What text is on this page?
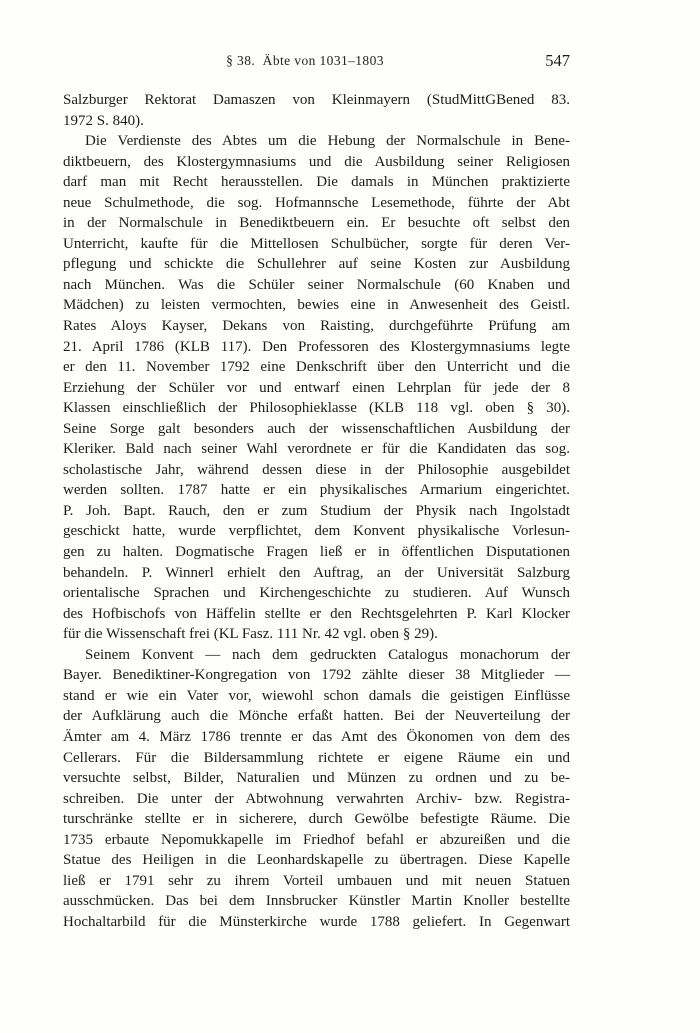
§ 38.  Äbte von 1031–1803	547
Salzburger Rektorat Damaszen von Kleinmayern (StudMittGBened 83.
1972 S. 840).
Die Verdienste des Abtes um die Hebung der Normalschule in Bene-
diktbeuern, des Klostergymnasiums und die Ausbildung seiner Religiosen
darf man mit Recht herausstellen. Die damals in München praktizierte
neue Schulmethode, die sog. Hofmannsche Lesemethode, führte der Abt
in der Normalschule in Benediktbeuern ein. Er besuchte oft selbst den
Unterricht, kaufte für die Mittellosen Schulbücher, sorgte für deren Ver-
pflegung und schickte die Schullehrer auf seine Kosten zur Ausbildung
nach München. Was die Schüler seiner Normalschule (60 Knaben und
Mädchen) zu leisten vermochten, bewies eine in Anwesenheit des Geistl.
Rates Aloys Kayser, Dekans von Raisting, durchgeführte Prüfung am
21. April 1786 (KLB 117). Den Professoren des Klostergymnasiums legte
er den 11. November 1792 eine Denkschrift über den Unterricht und die
Erziehung der Schüler vor und entwarf einen Lehrplan für jede der 8
Klassen einschließlich der Philosophieklasse (KLB 118 vgl. oben § 30).
Seine Sorge galt besonders auch der wissenschaftlichen Ausbildung der
Kleriker. Bald nach seiner Wahl verordnete er für die Kandidaten das sog.
scholastische Jahr, während dessen diese in der Philosophie ausgebildet
werden sollten. 1787 hatte er ein physikalisches Armarium eingerichtet.
P. Joh. Bapt. Rauch, den er zum Studium der Physik nach Ingolstadt
geschickt hatte, wurde verpflichtet, dem Konvent physikalische Vorlesun-
gen zu halten. Dogmatische Fragen ließ er in öffentlichen Disputationen
behandeln. P. Winnerl erhielt den Auftrag, an der Universität Salzburg
orientalische Sprachen und Kirchengeschichte zu studieren. Auf Wunsch
des Hofbischofs von Häffelin stellte er den Rechtsgelehrten P. Karl Klocker
für die Wissenschaft frei (KL Fasz. 111 Nr. 42 vgl. oben § 29).
Seinem Konvent — nach dem gedruckten Catalogus monachorum der
Bayer. Benediktiner-Kongregation von 1792 zählte dieser 38 Mitglieder —
stand er wie ein Vater vor, wiewohl schon damals die geistigen Einflüsse
der Aufklärung auch die Mönche erfaßt hatten. Bei der Neuverteilung der
Ämter am 4. März 1786 trennte er das Amt des Ökonomen von dem des
Cellerars. Für die Bildersammlung richtete er eigene Räume ein und
versuchte selbst, Bilder, Naturalien und Münzen zu ordnen und zu be-
schreiben. Die unter der Abtwohnung verwahrten Archiv- bzw. Registra-
turschränke stellte er in sicherere, durch Gewölbe befestigte Räume. Die
1735 erbaute Nepomukkapelle im Friedhof befahl er abzureißen und die
Statue des Heiligen in die Leonhardskapelle zu übertragen. Diese Kapelle
ließ er 1791 sehr zu ihrem Vorteil umbauen und mit neuen Statuen
ausschmücken. Das bei dem Innsbrucker Künstler Martin Knoller bestellte
Hochaltarbild für die Münsterkirche wurde 1788 geliefert. In Gegenwart
